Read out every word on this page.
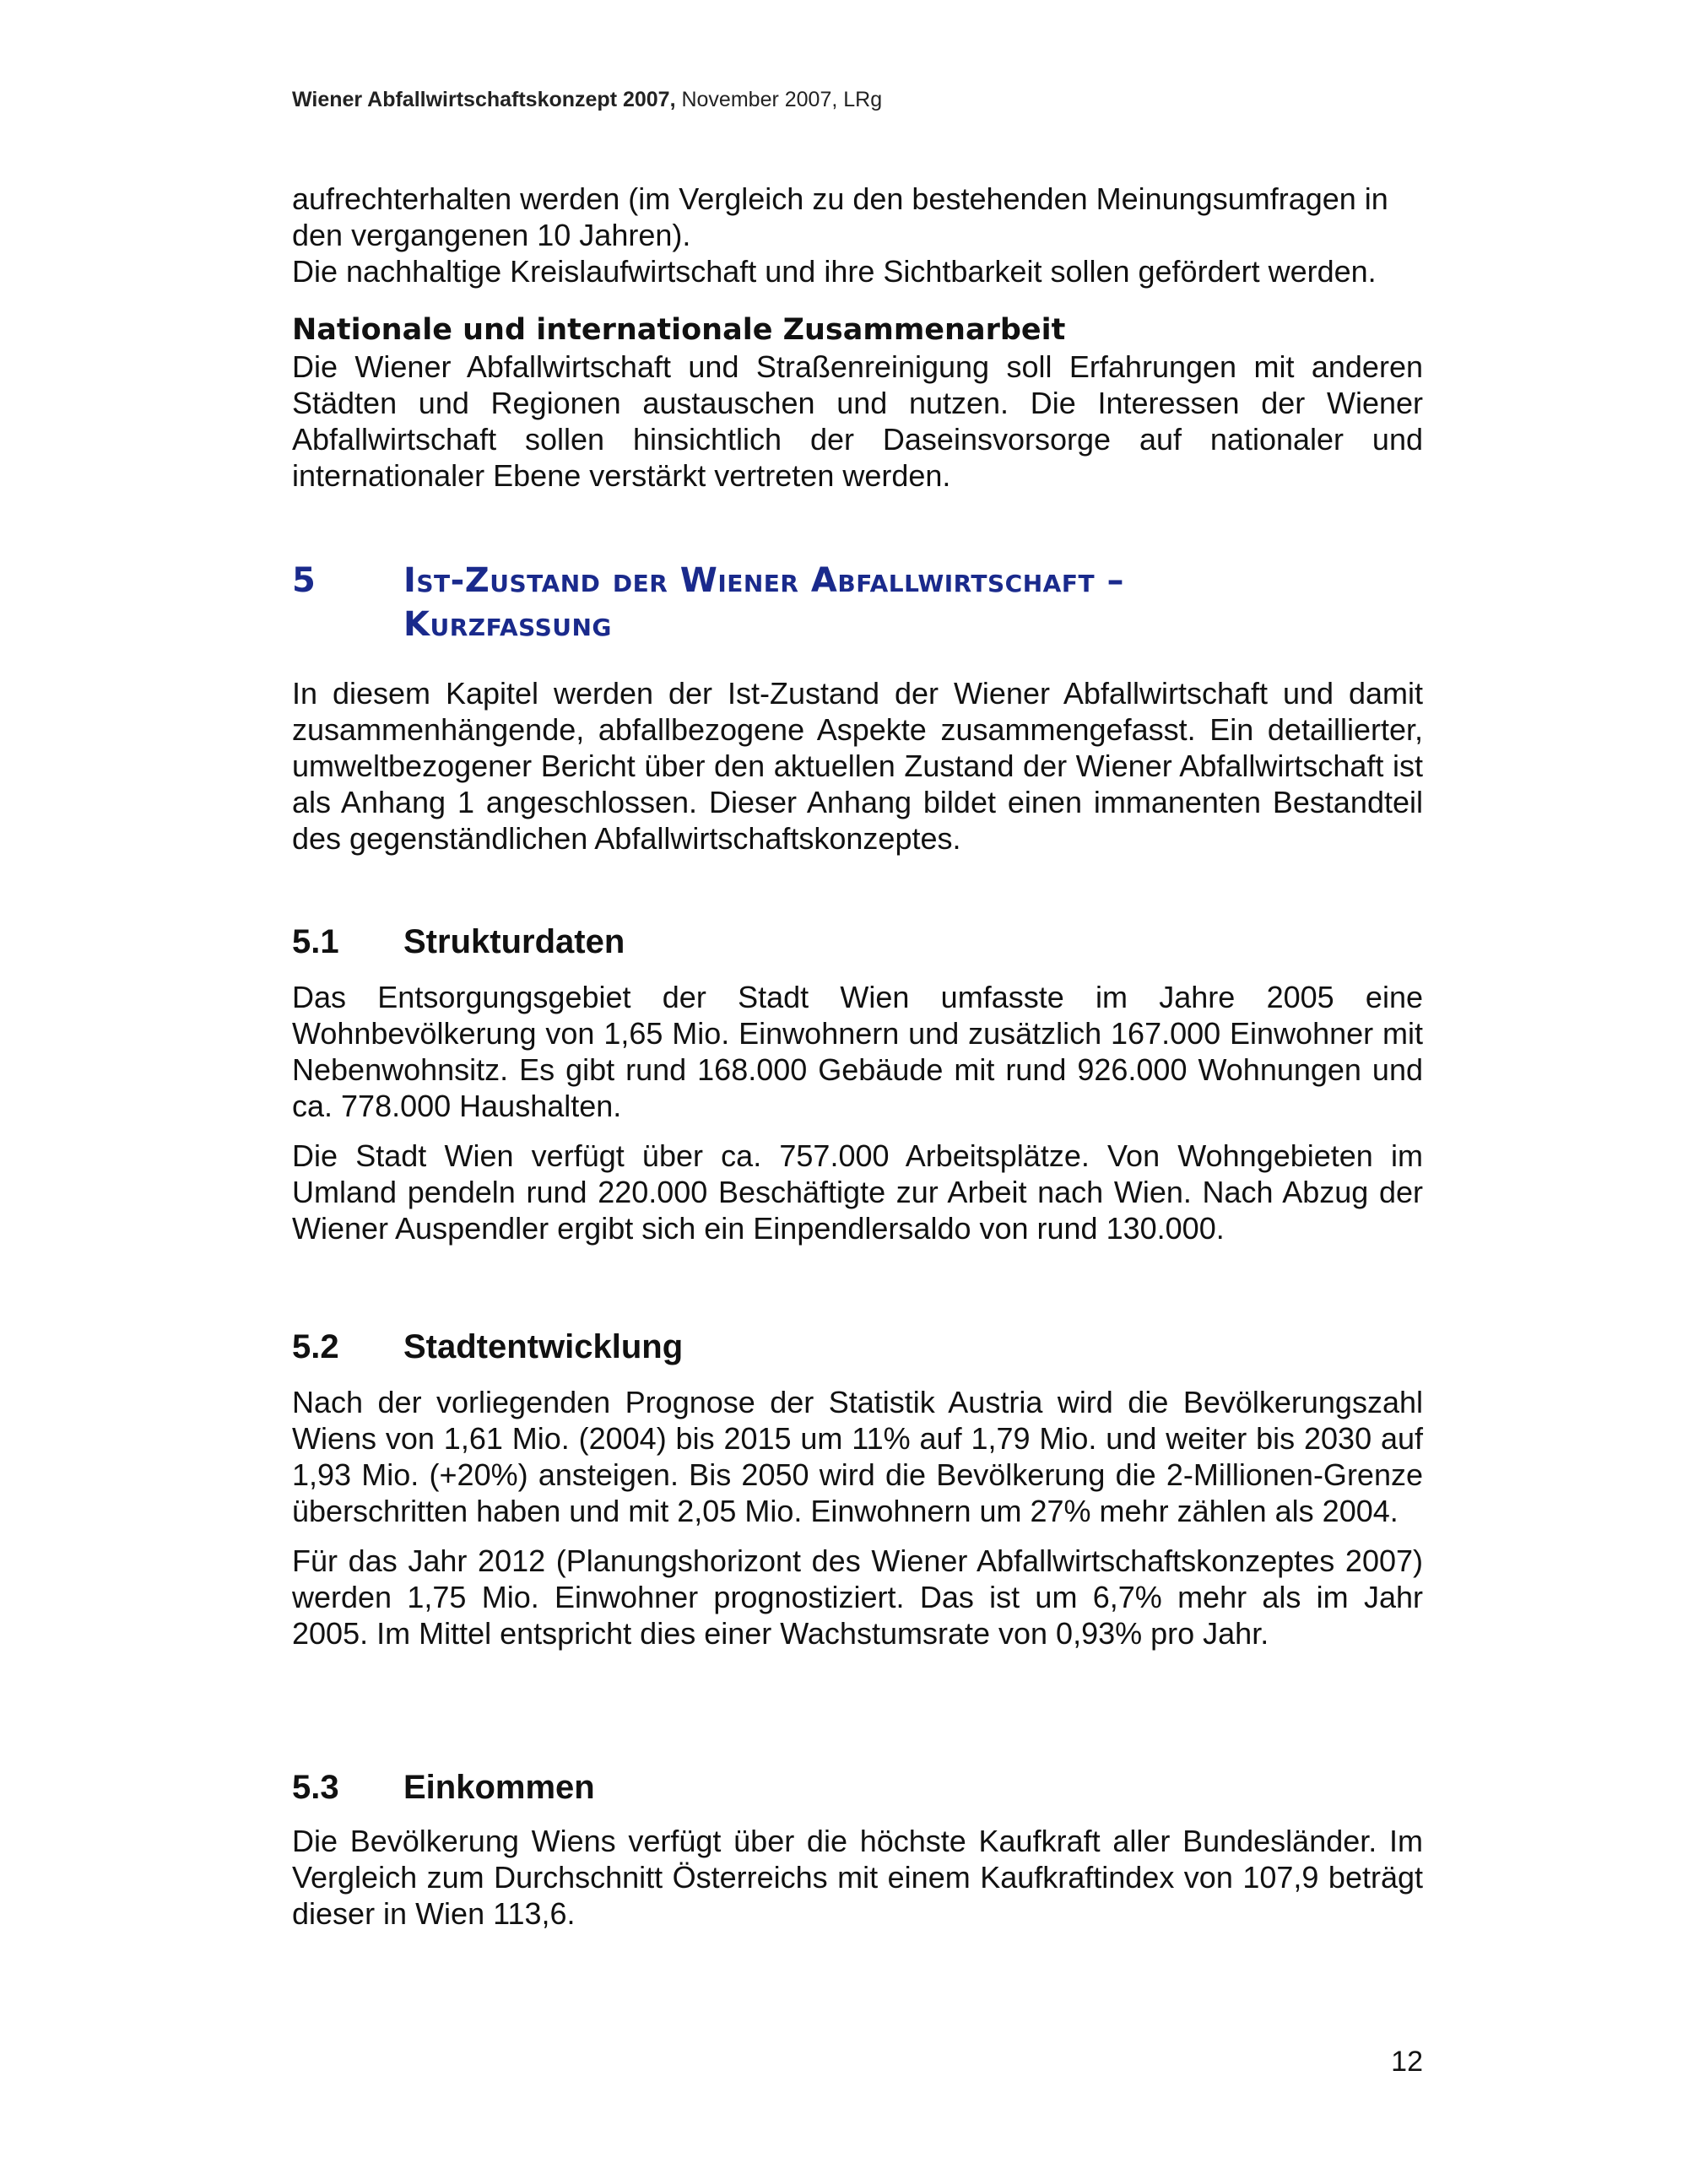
Wiener Abfallwirtschaftskonzept 2007, November 2007, LRg

aufrechterhalten werden (im Vergleich zu den bestehenden Meinungsumfragen in

den vergangenen 10 Jahren).

Die nachhaltige Kreislaufwirtschaft und ihre Sichtbarkeit sollen gefördert werden.

Nationale und internationale Zusammenarbeit

Die Wiener Abfallwirtschaft und Straßenreinigung soll Erfahrungen mit anderen Städten und Regionen austauschen und nutzen. Die Interessen der Wiener Abfallwirtschaft sollen hinsichtlich der Daseinsvorsorge auf nationaler und internationaler Ebene verstärkt vertreten werden.

5	Ist-Zustand der Wiener Abfallwirtschaft –
Kurzfassung

In diesem Kapitel werden der Ist-Zustand der Wiener Abfallwirtschaft und damit zusammenhängende, abfallbezogene Aspekte zusammengefasst. Ein detaillierter, umweltbezogener Bericht über den aktuellen Zustand der Wiener Abfallwirtschaft ist als Anhang 1 angeschlossen. Dieser Anhang bildet einen immanenten Bestandteil des gegenständlichen Abfallwirtschaftskonzeptes.

5.1 Strukturdaten

Das Entsorgungsgebiet der Stadt Wien umfasste im Jahre 2005 eine Wohnbevölkerung von 1,65 Mio. Einwohnern und zusätzlich 167.000 Einwohner mit Nebenwohnsitz. Es gibt rund 168.000 Gebäude mit rund 926.000 Wohnungen und ca. 778.000 Haushalten.

Die Stadt Wien verfügt über ca. 757.000 Arbeitsplätze. Von Wohngebieten im Umland pendeln rund 220.000 Beschäftigte zur Arbeit nach Wien. Nach Abzug der Wiener Auspendler ergibt sich ein Einpendlersaldo von rund 130.000.

5.2 Stadtentwicklung

Nach der vorliegenden Prognose der Statistik Austria wird die Bevölkerungszahl Wiens von 1,61 Mio. (2004) bis 2015 um 11% auf 1,79 Mio. und weiter bis 2030 auf 1,93 Mio. (+20%) ansteigen. Bis 2050 wird die Bevölkerung die 2-Millionen-Grenze überschritten haben und mit 2,05 Mio. Einwohnern um 27% mehr zählen als 2004.

Für das Jahr 2012 (Planungshorizont des Wiener Abfallwirtschaftskonzeptes 2007) werden 1,75 Mio. Einwohner prognostiziert. Das ist um 6,7% mehr als im Jahr 2005. Im Mittel entspricht dies einer Wachstumsrate von 0,93% pro Jahr.

5.3 Einkommen

Die Bevölkerung Wiens verfügt über die höchste Kaufkraft aller Bundesländer. Im Vergleich zum Durchschnitt Österreichs mit einem Kaufkraftindex von 107,9 beträgt dieser in Wien 113,6.

12
